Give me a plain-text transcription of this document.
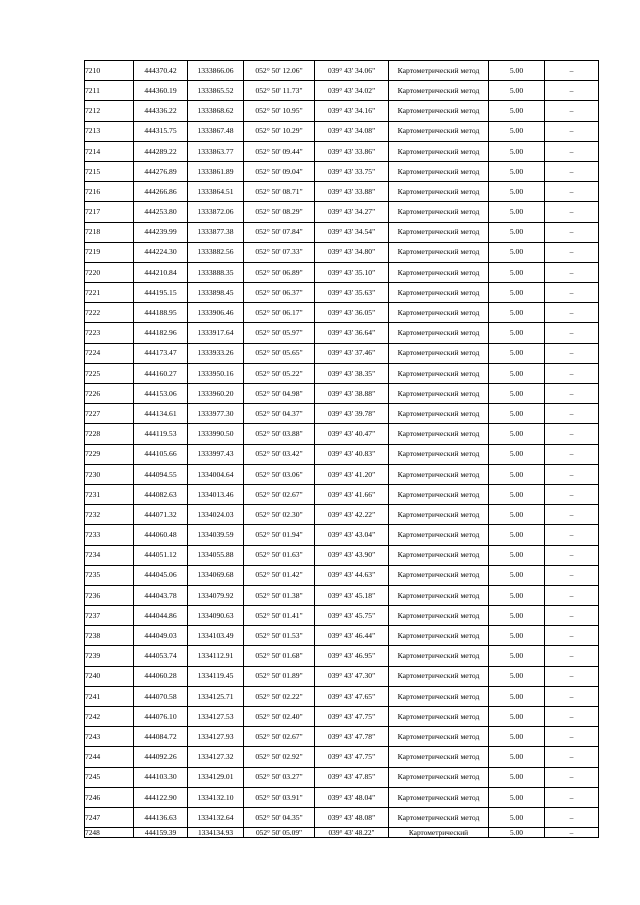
7210	444370.42	1333866.06	052° 50' 12.06"	039° 43' 34.06"	Картометрический метод	5.00	–
7211	444360.19	1333865.52	052° 50' 11.73"	039° 43' 34.02"	Картометрический метод	5.00	–
7212	444336.22	1333868.62	052° 50' 10.95"	039° 43' 34.16"	Картометрический метод	5.00	–
7213	444315.75	1333867.48	052° 50' 10.29"	039° 43' 34.08"	Картометрический метод	5.00	–
7214	444289.22	1333863.77	052° 50' 09.44"	039° 43' 33.86"	Картометрический метод	5.00	–
7215	444276.89	1333861.89	052° 50' 09.04"	039° 43' 33.75"	Картометрический метод	5.00	–
7216	444266.86	1333864.51	052° 50' 08.71"	039° 43' 33.88"	Картометрический метод	5.00	–
7217	444253.80	1333872.06	052° 50' 08.29"	039° 43' 34.27"	Картометрический метод	5.00	–
7218	444239.99	1333877.38	052° 50' 07.84"	039° 43' 34.54"	Картометрический метод	5.00	–
7219	444224.30	1333882.56	052° 50' 07.33"	039° 43' 34.80"	Картометрический метод	5.00	–
7220	444210.84	1333888.35	052° 50' 06.89"	039° 43' 35.10"	Картометрический метод	5.00	–
7221	444195.15	1333898.45	052° 50' 06.37"	039° 43' 35.63"	Картометрический метод	5.00	–
7222	444188.95	1333906.46	052° 50' 06.17"	039° 43' 36.05"	Картометрический метод	5.00	–
7223	444182.96	1333917.64	052° 50' 05.97"	039° 43' 36.64"	Картометрический метод	5.00	–
7224	444173.47	1333933.26	052° 50' 05.65"	039° 43' 37.46"	Картометрический метод	5.00	–
7225	444160.27	1333950.16	052° 50' 05.22"	039° 43' 38.35"	Картометрический метод	5.00	–
7226	444153.06	1333960.20	052° 50' 04.98"	039° 43' 38.88"	Картометрический метод	5.00	–
7227	444134.61	1333977.30	052° 50' 04.37"	039° 43' 39.78"	Картометрический метод	5.00	–
7228	444119.53	1333990.50	052° 50' 03.88"	039° 43' 40.47"	Картометрический метод	5.00	–
7229	444105.66	1333997.43	052° 50' 03.42"	039° 43' 40.83"	Картометрический метод	5.00	–
7230	444094.55	1334004.64	052° 50' 03.06"	039° 43' 41.20"	Картометрический метод	5.00	–
7231	444082.63	1334013.46	052° 50' 02.67"	039° 43' 41.66"	Картометрический метод	5.00	–
7232	444071.32	1334024.03	052° 50' 02.30"	039° 43' 42.22"	Картометрический метод	5.00	–
7233	444060.48	1334039.59	052° 50' 01.94"	039° 43' 43.04"	Картометрический метод	5.00	–
7234	444051.12	1334055.88	052° 50' 01.63"	039° 43' 43.90"	Картометрический метод	5.00	–
7235	444045.06	1334069.68	052° 50' 01.42"	039° 43' 44.63"	Картометрический метод	5.00	–
7236	444043.78	1334079.92	052° 50' 01.38"	039° 43' 45.18"	Картометрический метод	5.00	–
7237	444044.86	1334090.63	052° 50' 01.41"	039° 43' 45.75"	Картометрический метод	5.00	–
7238	444049.03	1334103.49	052° 50' 01.53"	039° 43' 46.44"	Картометрический метод	5.00	–
7239	444053.74	1334112.91	052° 50' 01.68"	039° 43' 46.95"	Картометрический метод	5.00	–
7240	444060.28	1334119.45	052° 50' 01.89"	039° 43' 47.30"	Картометрический метод	5.00	–
7241	444070.58	1334125.71	052° 50' 02.22"	039° 43' 47.65"	Картометрический метод	5.00	–
7242	444076.10	1334127.53	052° 50' 02.40"	039° 43' 47.75"	Картометрический метод	5.00	–
7243	444084.72	1334127.93	052° 50' 02.67"	039° 43' 47.78"	Картометрический метод	5.00	–
7244	444092.26	1334127.32	052° 50' 02.92"	039° 43' 47.75"	Картометрический метод	5.00	–
7245	444103.30	1334129.01	052° 50' 03.27"	039° 43' 47.85"	Картометрический метод	5.00	–
7246	444122.90	1334132.10	052° 50' 03.91"	039° 43' 48.04"	Картометрический метод	5.00	–
7247	444136.63	1334132.64	052° 50' 04.35"	039° 43' 48.08"	Картометрический метод	5.00	–
7248	444159.39	1334134.93	052° 50' 05.09"	039° 43' 48.22"	Картометрический	5.00	–
